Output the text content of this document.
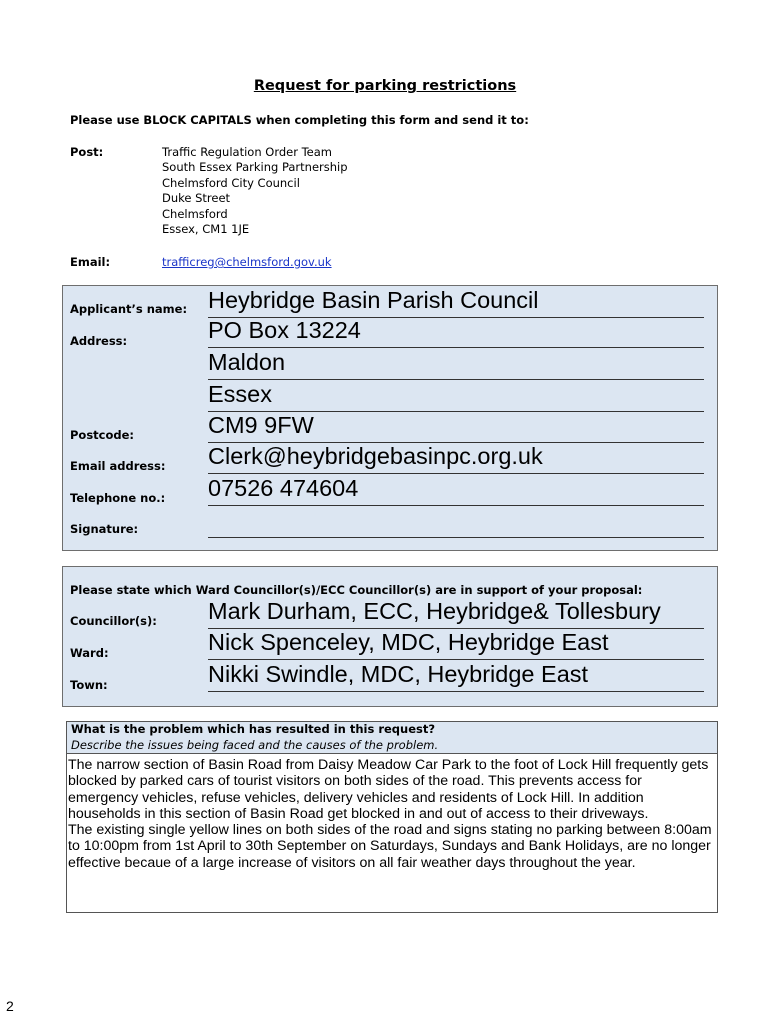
Request for parking restrictions
Please use BLOCK CAPITALS when completing this form and send it to:
Post:	Traffic Regulation Order Team
South Essex Parking Partnership
Chelmsford City Council
Duke Street
Chelmsford
Essex, CM1 1JE
Email:	trafficreg@chelmsford.gov.uk
Applicant’s name: Heybridge Basin Parish Council
Address:	PO Box 13224
Maldon
Essex
Postcode:	CM9 9FW
Email address: Clerk@heybridgebasinpc.org.uk
Telephone no.: 07526 474604
Signature:
Please state which Ward Councillor(s)/ECC Councillor(s) are in support of your proposal:
Councillor(s): Mark Durham, ECC, Heybridge& Tollesbury
Ward:	Nick Spenceley, MDC, Heybridge East
Town:	Nikki Swindle, MDC, Heybridge East
What is the problem which has resulted in this request?
Describe the issues being faced and the causes of the problem.

The narrow section of Basin Road from Daisy Meadow Car Park to the foot of Lock Hill frequently gets blocked by parked cars of tourist visitors on both sides of the road. This prevents access for emergency vehicles, refuse vehicles, delivery vehicles and residents of Lock Hill. In addition households in this section of Basin Road get blocked in and out of access to their driveways.

The existing single yellow lines on both sides of the road and signs stating no parking between 8:00am to 10:00pm from 1st April to 30th September on Saturdays, Sundays and Bank Holidays, are no longer effective becaue of a large increase of visitors on all fair weather days throughout the year.

2
